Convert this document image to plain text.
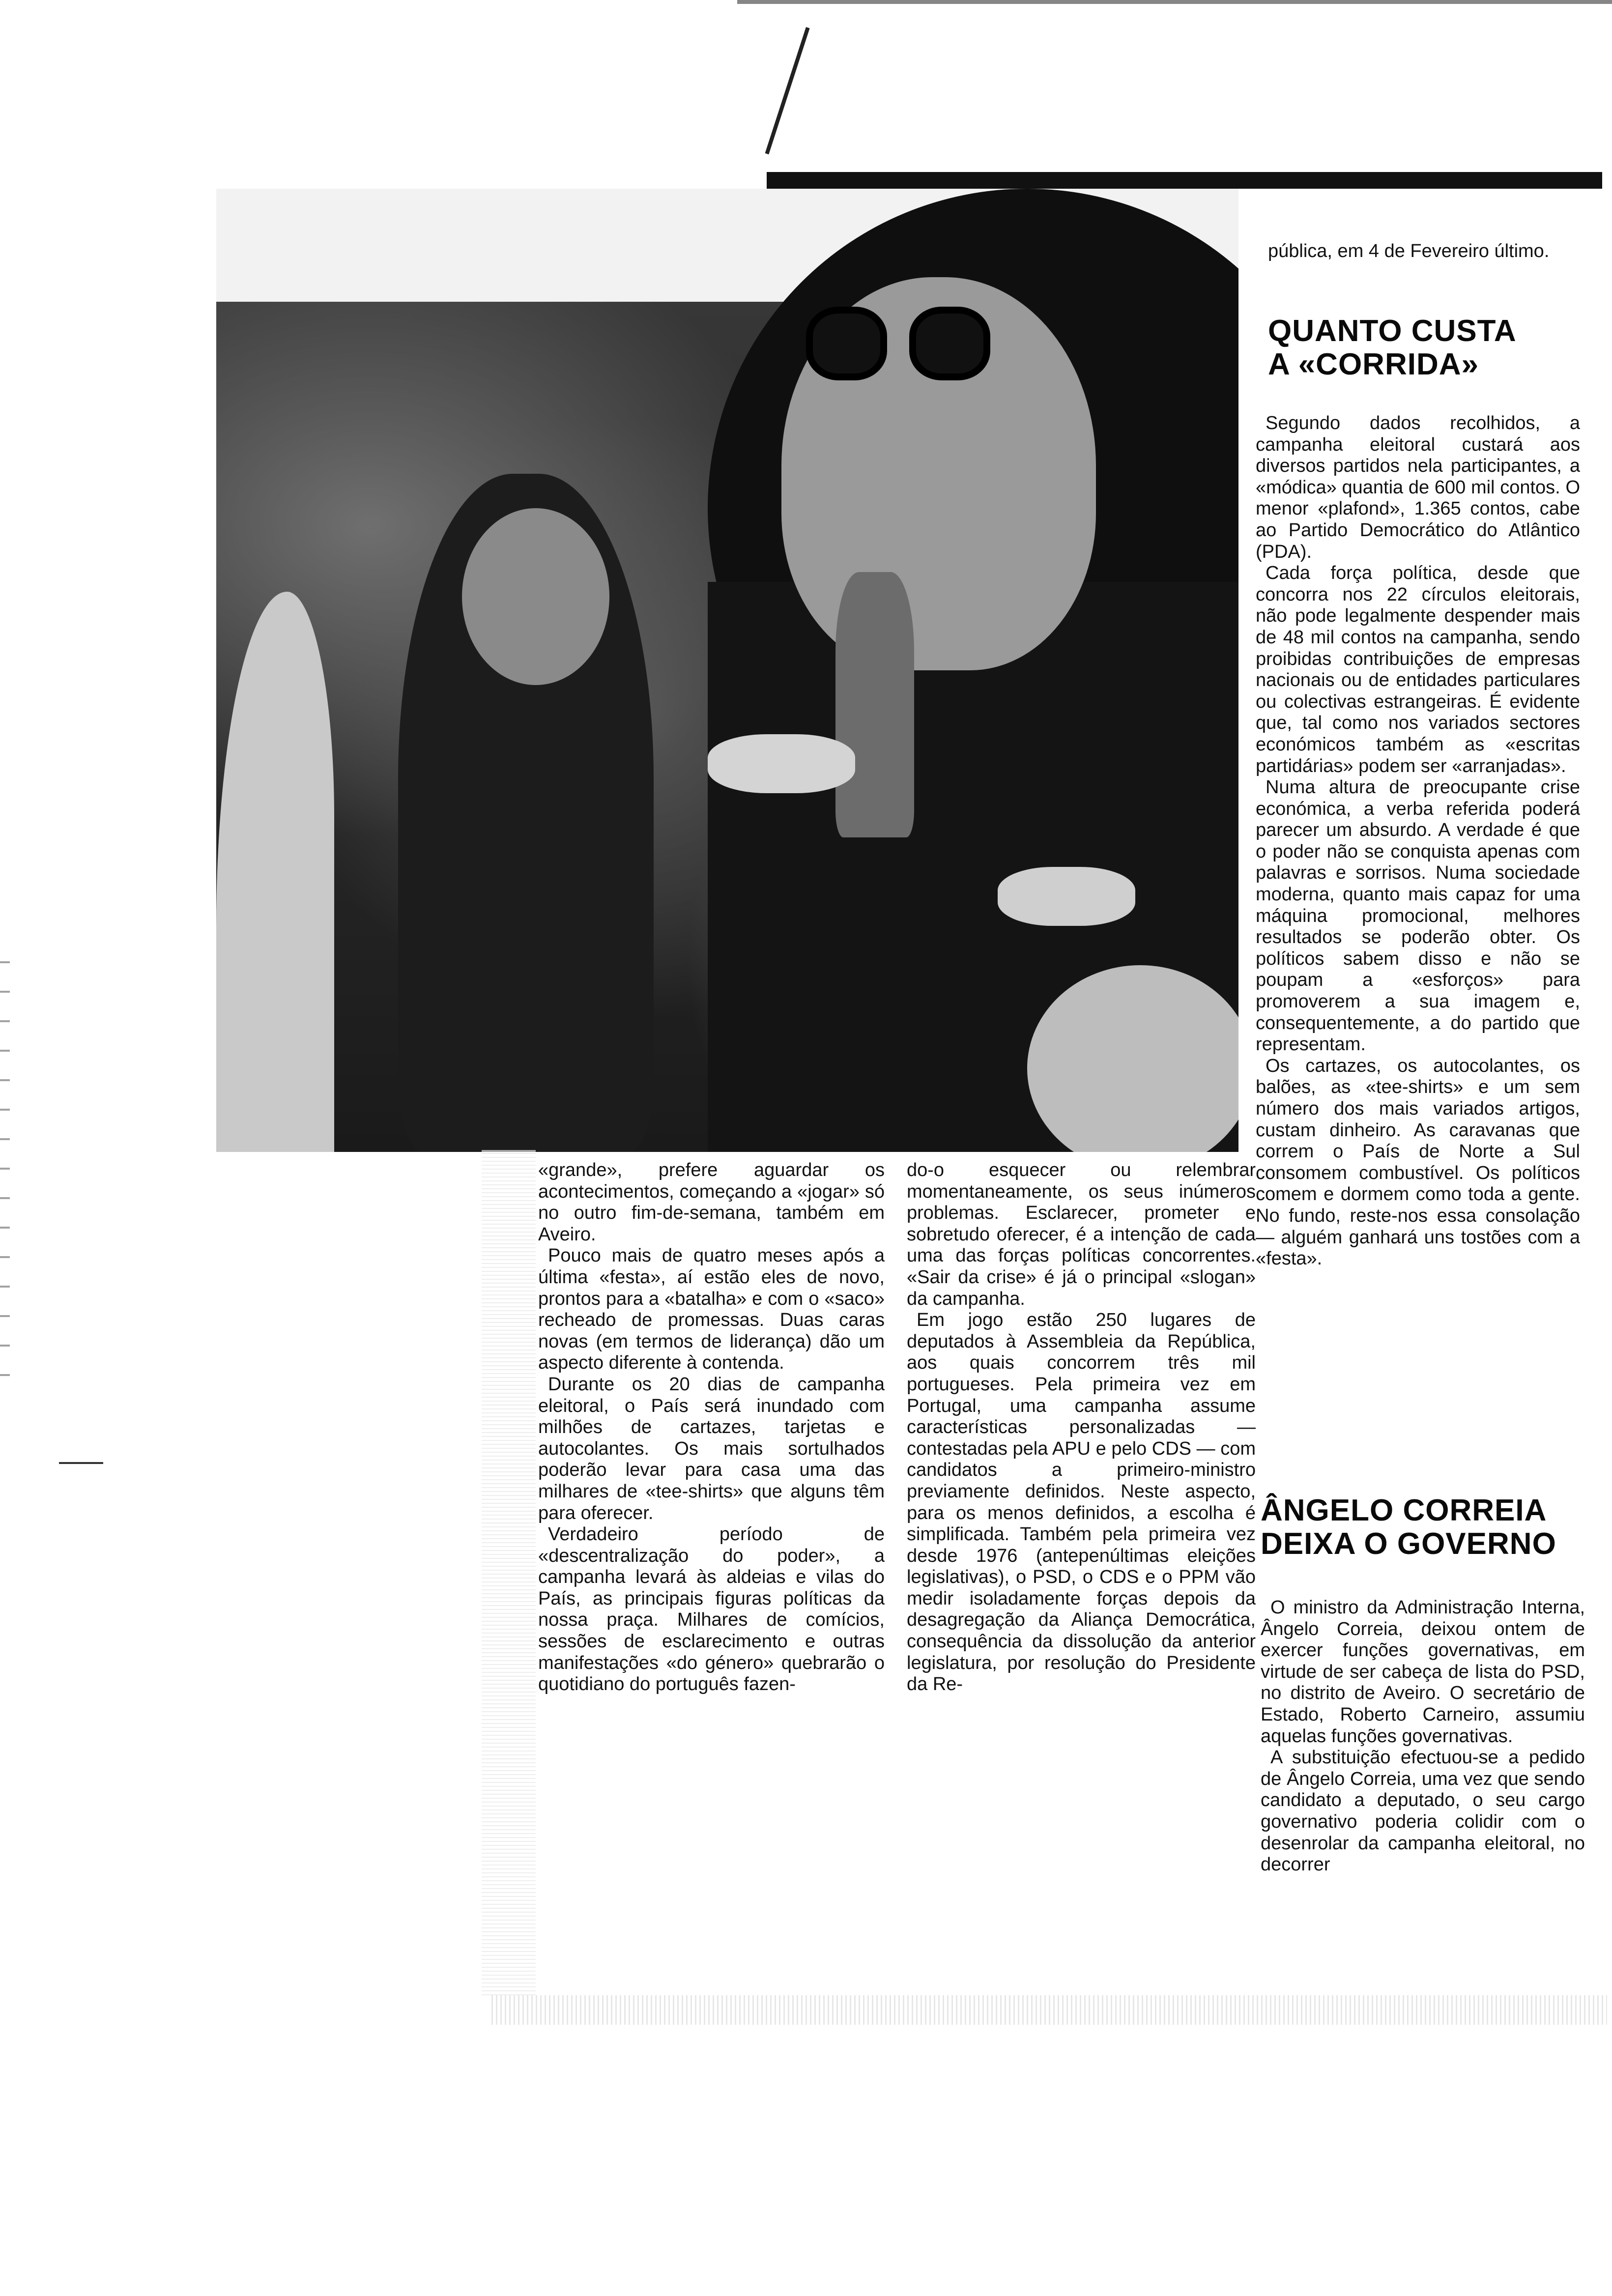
pública, em 4 de Fevereiro último.

QUANTO CUSTA
A «CORRIDA»

Segundo dados recolhidos, a campanha eleitoral custará aos diversos partidos nela participantes, a «módica» quantia de 600 mil contos. O menor «plafond», 1.365 contos, cabe ao Partido Democrático do Atlântico (PDA).

Cada força política, desde que concorra nos 22 círculos eleitorais, não pode legalmente despender mais de 48 mil contos na campanha, sendo proibidas contribuições de empresas nacionais ou de entidades particulares ou colectivas estrangeiras. É evidente que, tal como nos variados sectores económicos também as «escritas partidárias» podem ser «arranjadas».

Numa altura de preocupante crise económica, a verba referida poderá parecer um absurdo. A verdade é que o poder não se conquista apenas com palavras e sorrisos. Numa sociedade moderna, quanto mais capaz for uma máquina promocional, melhores resultados se poderão obter. Os políticos sabem disso e não se poupam a «esforços» para promoverem a sua imagem e, consequentemente, a do partido que representam.

Os cartazes, os autocolantes, os balões, as «tee-shirts» e um sem número dos mais variados artigos, custam dinheiro. As caravanas que correm o País de Norte a Sul consomem combustível. Os políticos comem e dormem como toda a gente. No fundo, reste-nos essa consolação — alguém ganhará uns tostões com a «festa».

ÂNGELO CORREIA
DEIXA O GOVERNO

O ministro da Administração Interna, Ângelo Correia, deixou ontem de exercer funções governativas, em virtude de ser cabeça de lista do PSD, no distrito de Aveiro. O secretário de Estado, Roberto Carneiro, assumiu aquelas funções governativas.

A substituição efectuou-se a pedido de Ângelo Correia, uma vez que sendo candidato a deputado, o seu cargo governativo poderia colidir com o desenrolar da campanha eleitoral, no decorrer

«grande», prefere aguardar os acontecimentos, começando a «jogar» só no outro fim-de-semana, também em Aveiro.

Pouco mais de quatro meses após a última «festa», aí estão eles de novo, prontos para a «batalha» e com o «saco» recheado de promessas. Duas caras novas (em termos de liderança) dão um aspecto diferente à contenda.

Durante os 20 dias de campanha eleitoral, o País será inundado com milhões de cartazes, tarjetas e autocolantes. Os mais sortulhados poderão levar para casa uma das milhares de «tee-shirts» que alguns têm para oferecer.

Verdadeiro período de «descentralização do poder», a campanha levará às aldeias e vilas do País, as principais figuras políticas da nossa praça. Milhares de comícios, sessões de esclarecimento e outras manifestações «do género» quebrarão o quotidiano do português fazen-

do-o esquecer ou relembrar momentaneamente, os seus inúmeros problemas. Esclarecer, prometer e sobretudo oferecer, é a intenção de cada uma das forças políticas concorrentes. «Sair da crise» é já o principal «slogan» da campanha.

Em jogo estão 250 lugares de deputados à Assembleia da República, aos quais concorrem três mil portugueses. Pela primeira vez em Portugal, uma campanha assume características personalizadas — contestadas pela APU e pelo CDS — com candidatos a primeiro-ministro previamente definidos. Neste aspecto, para os menos definidos, a escolha é simplificada. Também pela primeira vez desde 1976 (antepenúltimas eleições legislativas), o PSD, o CDS e o PPM vão medir isoladamente forças depois da desagregação da Aliança Democrática, consequência da dissolução da anterior legislatura, por resolução do Presidente da Re-
